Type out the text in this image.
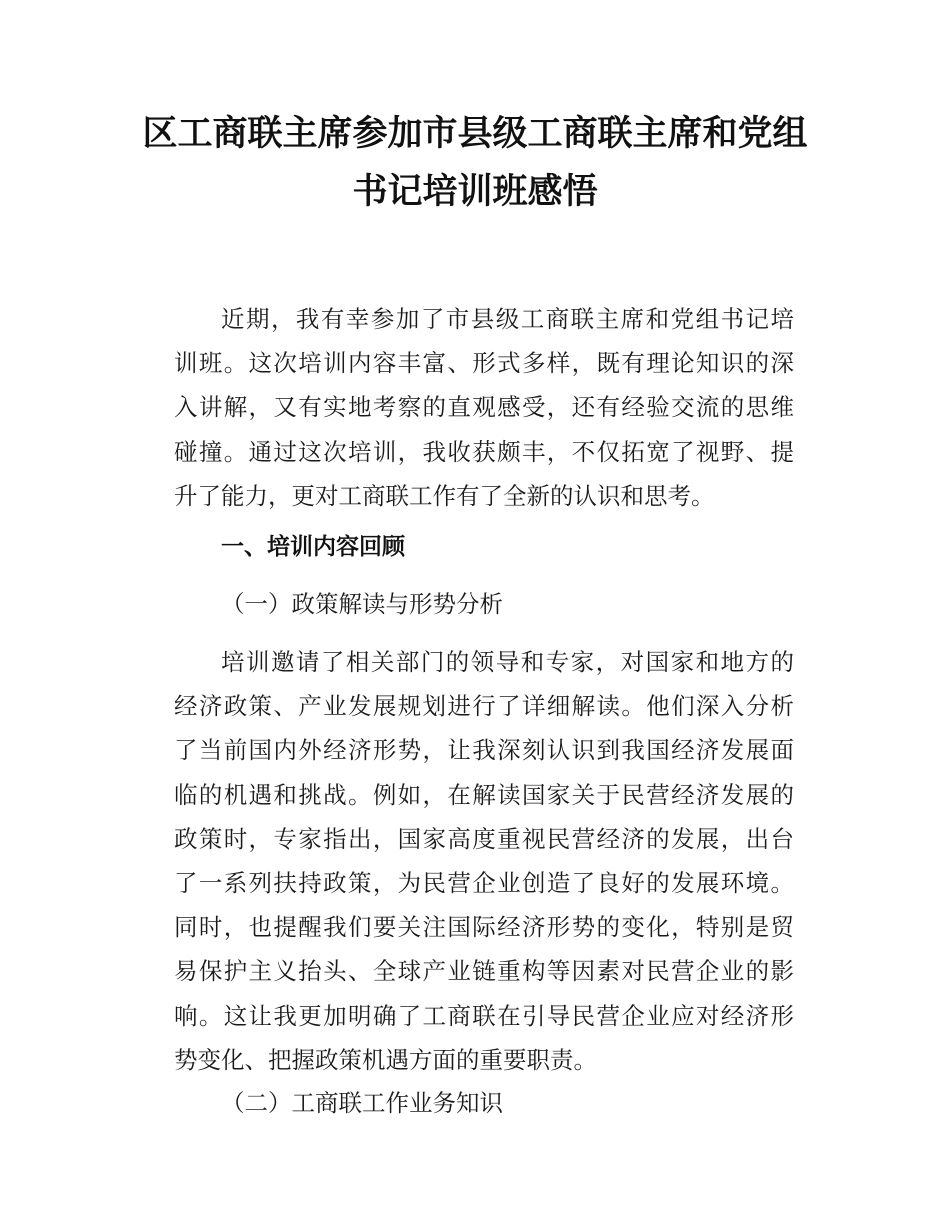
区工商联主席参加市县级工商联主席和党组
书记培训班感悟
近期，我有幸参加了市县级工商联主席和党组书记培
训班。这次培训内容丰富、形式多样，既有理论知识的深
入讲解，又有实地考察的直观感受，还有经验交流的思维
碰撞。通过这次培训，我收获颇丰，不仅拓宽了视野、提
升了能力，更对工商联工作有了全新的认识和思考。
一、培训内容回顾
（一）政策解读与形势分析
培训邀请了相关部门的领导和专家，对国家和地方的
经济政策、产业发展规划进行了详细解读。他们深入分析
了当前国内外经济形势，让我深刻认识到我国经济发展面
临的机遇和挑战。例如，在解读国家关于民营经济发展的
政策时，专家指出，国家高度重视民营经济的发展，出台
了一系列扶持政策，为民营企业创造了良好的发展环境。
同时，也提醒我们要关注国际经济形势的变化，特别是贸
易保护主义抬头、全球产业链重构等因素对民营企业的影
响。这让我更加明确了工商联在引导民营企业应对经济形
势变化、把握政策机遇方面的重要职责。
（二）工商联工作业务知识
